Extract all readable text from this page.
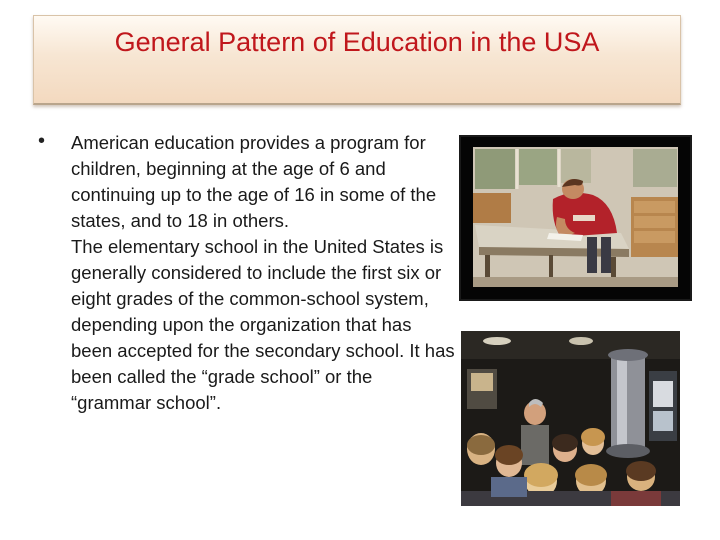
General Pattern of Education in the USA
• American education provides a program for children, beginning at the age of 6 and continuing up to the age of 16 in some of the states, and to 18 in others.
The elementary school in the United States is generally considered to include the first six or eight grades of the common-school system, depending upon the organization that has been accepted for the secondary school. It has been called the “grade school” or the “grammar school”.
